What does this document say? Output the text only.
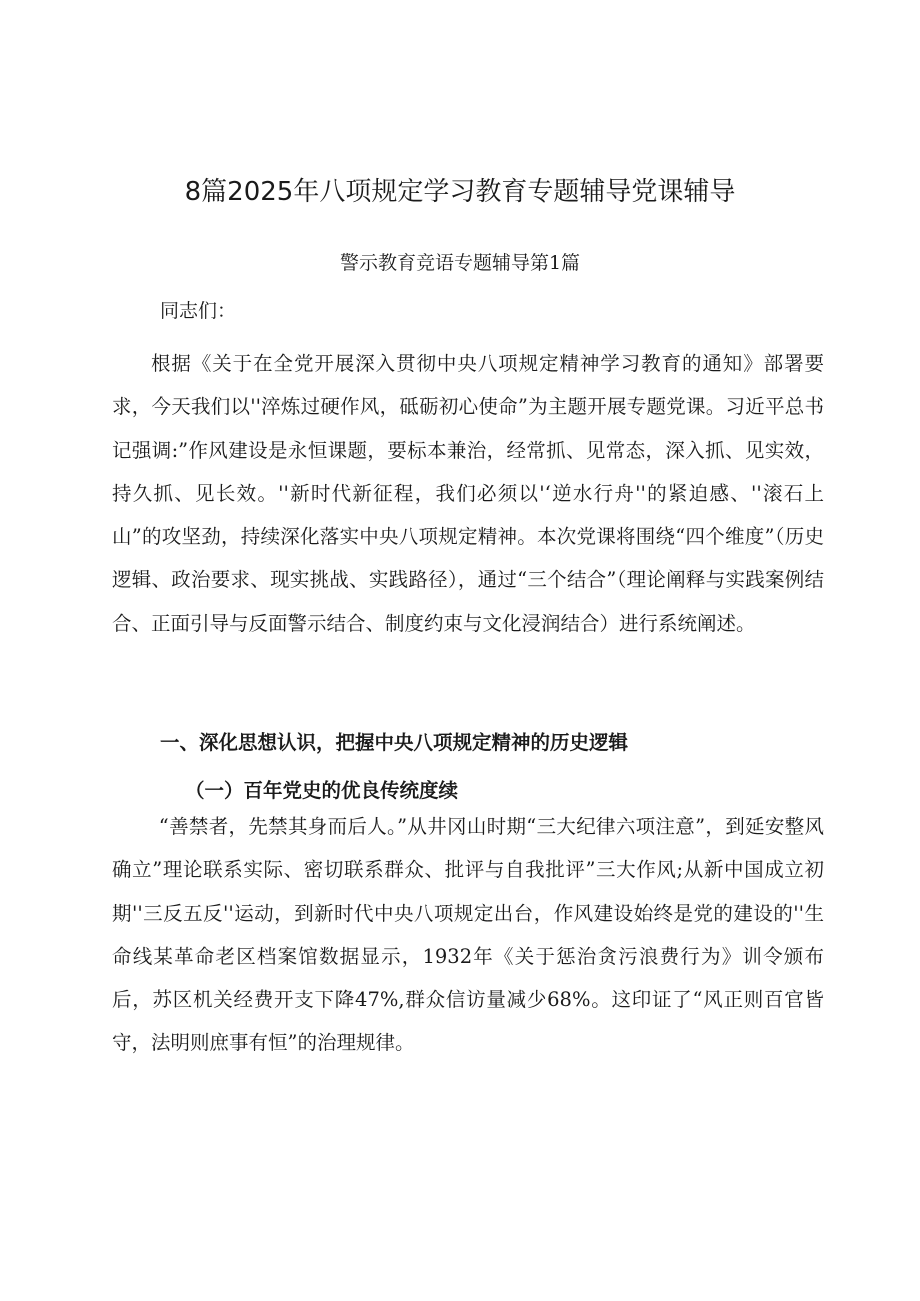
8篇2025年八项规定学习教育专题辅导党课辅导

警示教育竞语专题辅导第1篇

同志们：

根据《关于在全党开展深入贯彻中央八项规定精神学习教育的通知》部署要求，今天我们以''淬炼过硬作风，砥砺初心使命”为主题开展专题党课。习近平总书记强调:”作风建设是永恒课题，要标本兼治，经常抓、见常态，深入抓、见实效，持久抓、见长效。''新时代新征程，我们必须以'‘逆水行舟''的紧迫感、''滚石上山”的攻坚劲，持续深化落实中央八项规定精神。本次党课将围绕“四个维度”（历史逻辑、政治要求、现实挑战、实践路径），通过“三个结合”（理论阐释与实践案例结合、正面引导与反面警示结合、制度约束与文化浸润结合）进行系统阐述。

一、深化思想认识，把握中央八项规定精神的历史逻辑
（一）百年党史的优良传统度续

“善禁者，先禁其身而后人。”从井冈山时期“三大纪律六项注意”，到延安整风确立”理论联系实际、密切联系群众、批评与自我批评”三大作风;从新中国成立初期''三反五反''运动，到新时代中央八项规定出台，作风建设始终是党的建设的''生命线某革命老区档案馆数据显示，1932年《关于惩治贪污浪费行为》训令颁布后，苏区机关经费开支下降47%,群众信访量减少68%。这印证了“风正则百官皆守，法明则庶事有恒”的治理规律。
